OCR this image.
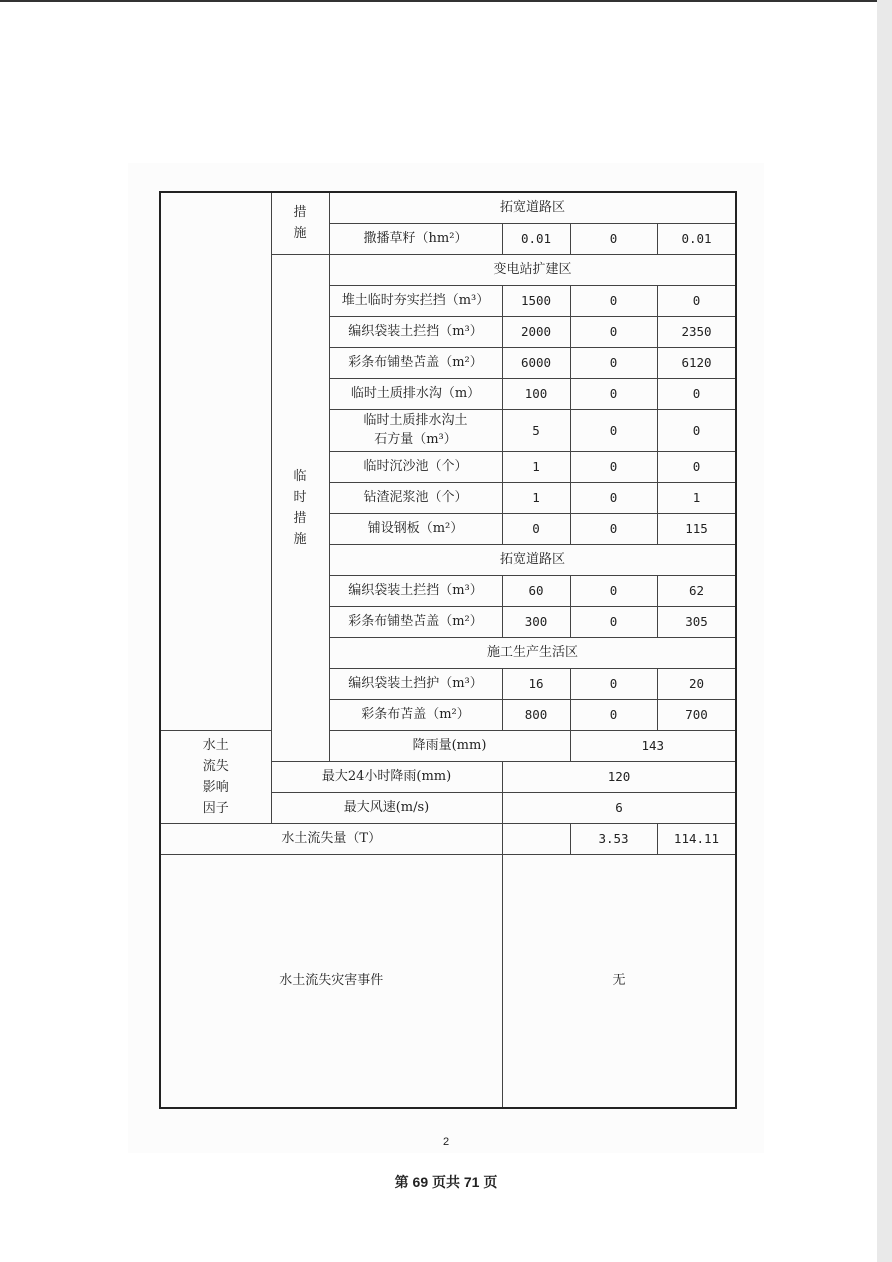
	措施	拓宽道路区			
		撒播草籽（hm²）	0.01	0	0.01
	临时措施	变电站扩建区			
		堆土临时夯实拦挡（m³）	1500	0	0
		编织袋装土拦挡（m³）	2000	0	2350
		彩条布铺垫苫盖（m²）	6000	0	6120
		临时土质排水沟（m）	100	0	0
		临时土质排水沟土石方量（m³）	5	0	0
		临时沉沙池（个）	1	0	0
		钻渣泥浆池（个）	1	0	1
		铺设钢板（m²）	0	0	115
		拓宽道路区			
		编织袋装土拦挡（m³）	60	0	62
		彩条布铺垫苫盖（m²）	300	0	305
		施工生产生活区			
		编织袋装土挡护（m³）	16	0	20
		彩条布苫盖（m²）	800	0	700
水土流失影响因子		降雨量(mm)		143	
	最大24小时降雨(mm)		120		
	最大风速(m/s)		6		
水土流失量（T）				3.53	114.11
水土流失灾害事件			无		
2
第 69 页共 71 页
